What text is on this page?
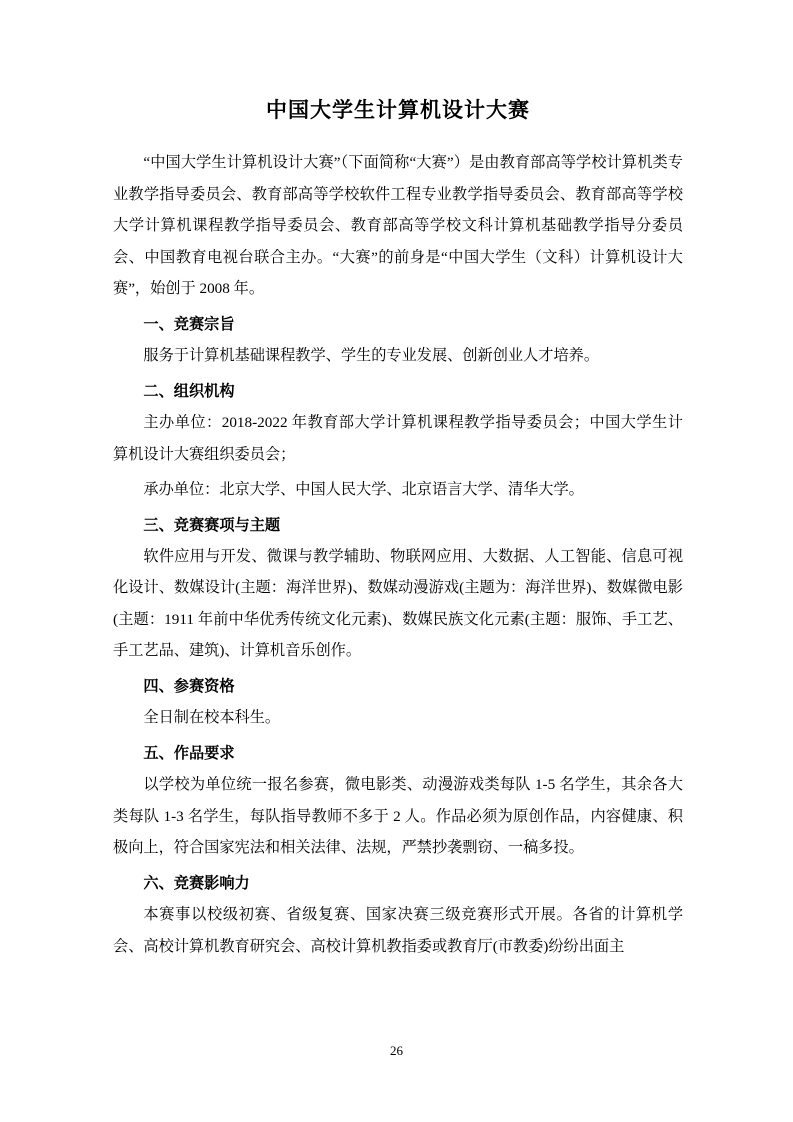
中国大学生计算机设计大赛

“中国大学生计算机设计大赛”（下面简称“大赛”）是由教育部高等学校计算机类专业教学指导委员会、教育部高等学校软件工程专业教学指导委员会、教育部高等学校大学计算机课程教学指导委员会、教育部高等学校文科计算机基础教学指导分委员会、中国教育电视台联合主办。“大赛”的前身是“中国大学生（文科）计算机设计大赛”，始创于 2008 年。

一、竞赛宗旨

服务于计算机基础课程教学、学生的专业发展、创新创业人才培养。

二、组织机构

主办单位：2018-2022 年教育部大学计算机课程教学指导委员会；中国大学生计算机设计大赛组织委员会；

承办单位：北京大学、中国人民大学、北京语言大学、清华大学。

三、竞赛赛项与主题

软件应用与开发、微课与教学辅助、物联网应用、大数据、人工智能、信息可视化设计、数媒设计(主题：海洋世界)、数媒动漫游戏(主题为：海洋世界)、数媒微电影(主题：1911 年前中华优秀传统文化元素)、数媒民族文化元素(主题：服饰、手工艺、手工艺品、建筑)、计算机音乐创作。

四、参赛资格

全日制在校本科生。

五、作品要求

以学校为单位统一报名参赛，微电影类、动漫游戏类每队 1-5 名学生，其余各大类每队 1-3 名学生，每队指导教师不多于 2 人。作品必须为原创作品，内容健康、积极向上，符合国家宪法和相关法律、法规，严禁抄袭剽窃、一稿多投。

六、竞赛影响力

本赛事以校级初赛、省级复赛、国家决赛三级竞赛形式开展。各省的计算机学会、高校计算机教育研究会、高校计算机教指委或教育厅(市教委)纷纷出面主

26
